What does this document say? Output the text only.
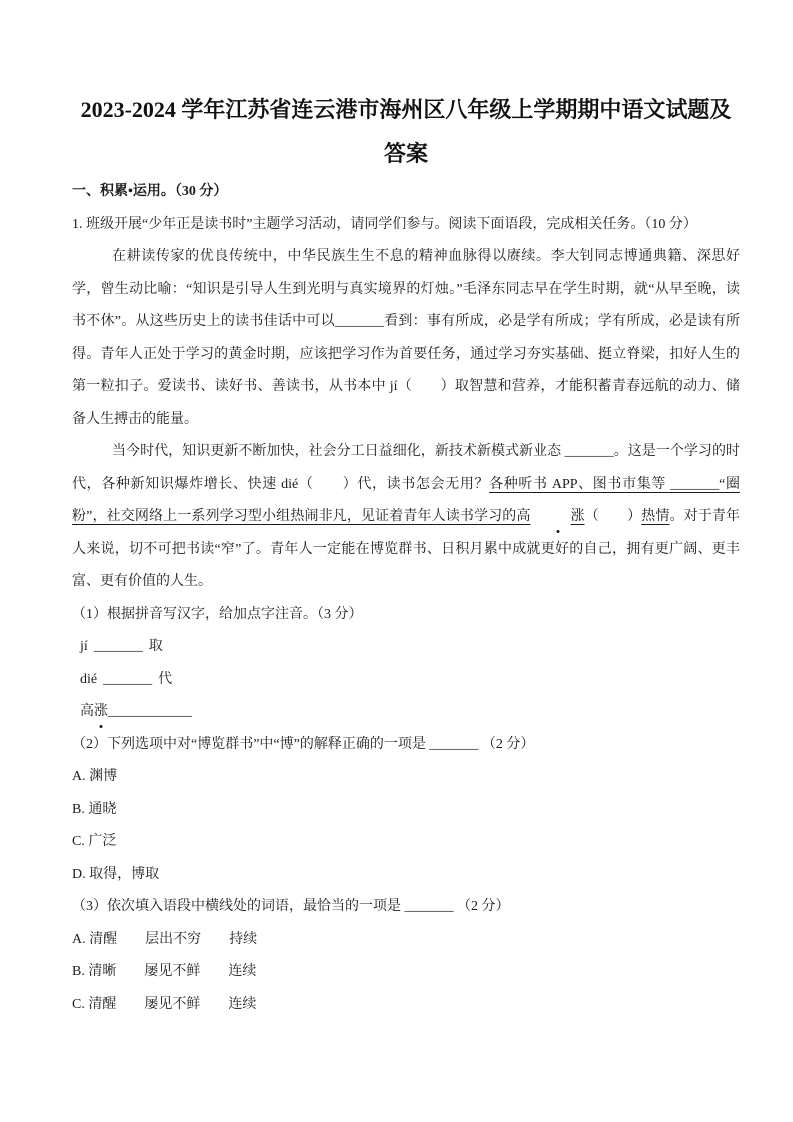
2023-2024 学年江苏省连云港市海州区八年级上学期期中语文试题及
答案
一、积累•运用。（30 分）
1. 班级开展“少年正是读书时”主题学习活动，请同学们参与。阅读下面语段，完成相关任务。（10 分）

在耕读传家的优良传统中，中华民族生生不息的精神血脉得以赓续。李大钊同志博通典籍、深思好学，曾生动比喻：“知识是引导人生到光明与真实境界的灯烛。”毛泽东同志早在学生时期，就“从早至晚，读书不休”。从这些历史上的读书佳话中可以_______看到：事有所成，必是学有所成；学有所成，必是读有所得。青年人正处于学习的黄金时期，应该把学习作为首要任务，通过学习夯实基础、挺立脊梁，扣好人生的第一粒扣子。爱读书、读好书、善读书，从书本中 jí（　　）取智慧和营养，才能积蓄青春远航的动力、储备人生搏击的能量。

当今时代，知识更新不断加快，社会分工日益细化，新技术新模式新业态 _______。这是一个学习的时代，各种新知识爆炸增长、快速 dié（　　）代，读书怎会无用？各种听书 APP、图书市集等 _______“圈粉”，社交网络上一系列学习型小组热闹非凡，见证着青年人读书学习的高	涨（　　）热情。对于青年人来说，切不可把书读“窄”了。青年人一定能在博览群书、日积月累中成就更好的自己，拥有更广阔、更丰富、更有价值的人生。

（1）根据拼音写汉字，给加点字注音。（3 分）
jí _______ 取
dié _______ 代
高涨____________
（2）下列选项中对“博览群书”中“博”的解释正确的一项是 _______ （2 分）
A. 渊博
B. 通晓
C. 广泛
D. 取得，博取
（3）依次填入语段中横线处的词语，最恰当的一项是 _______ （2 分）
A. 清醒　　层出不穷　　持续
B. 清晰　　屡见不鲜　　连续
C. 清醒　　屡见不鲜　　连续
